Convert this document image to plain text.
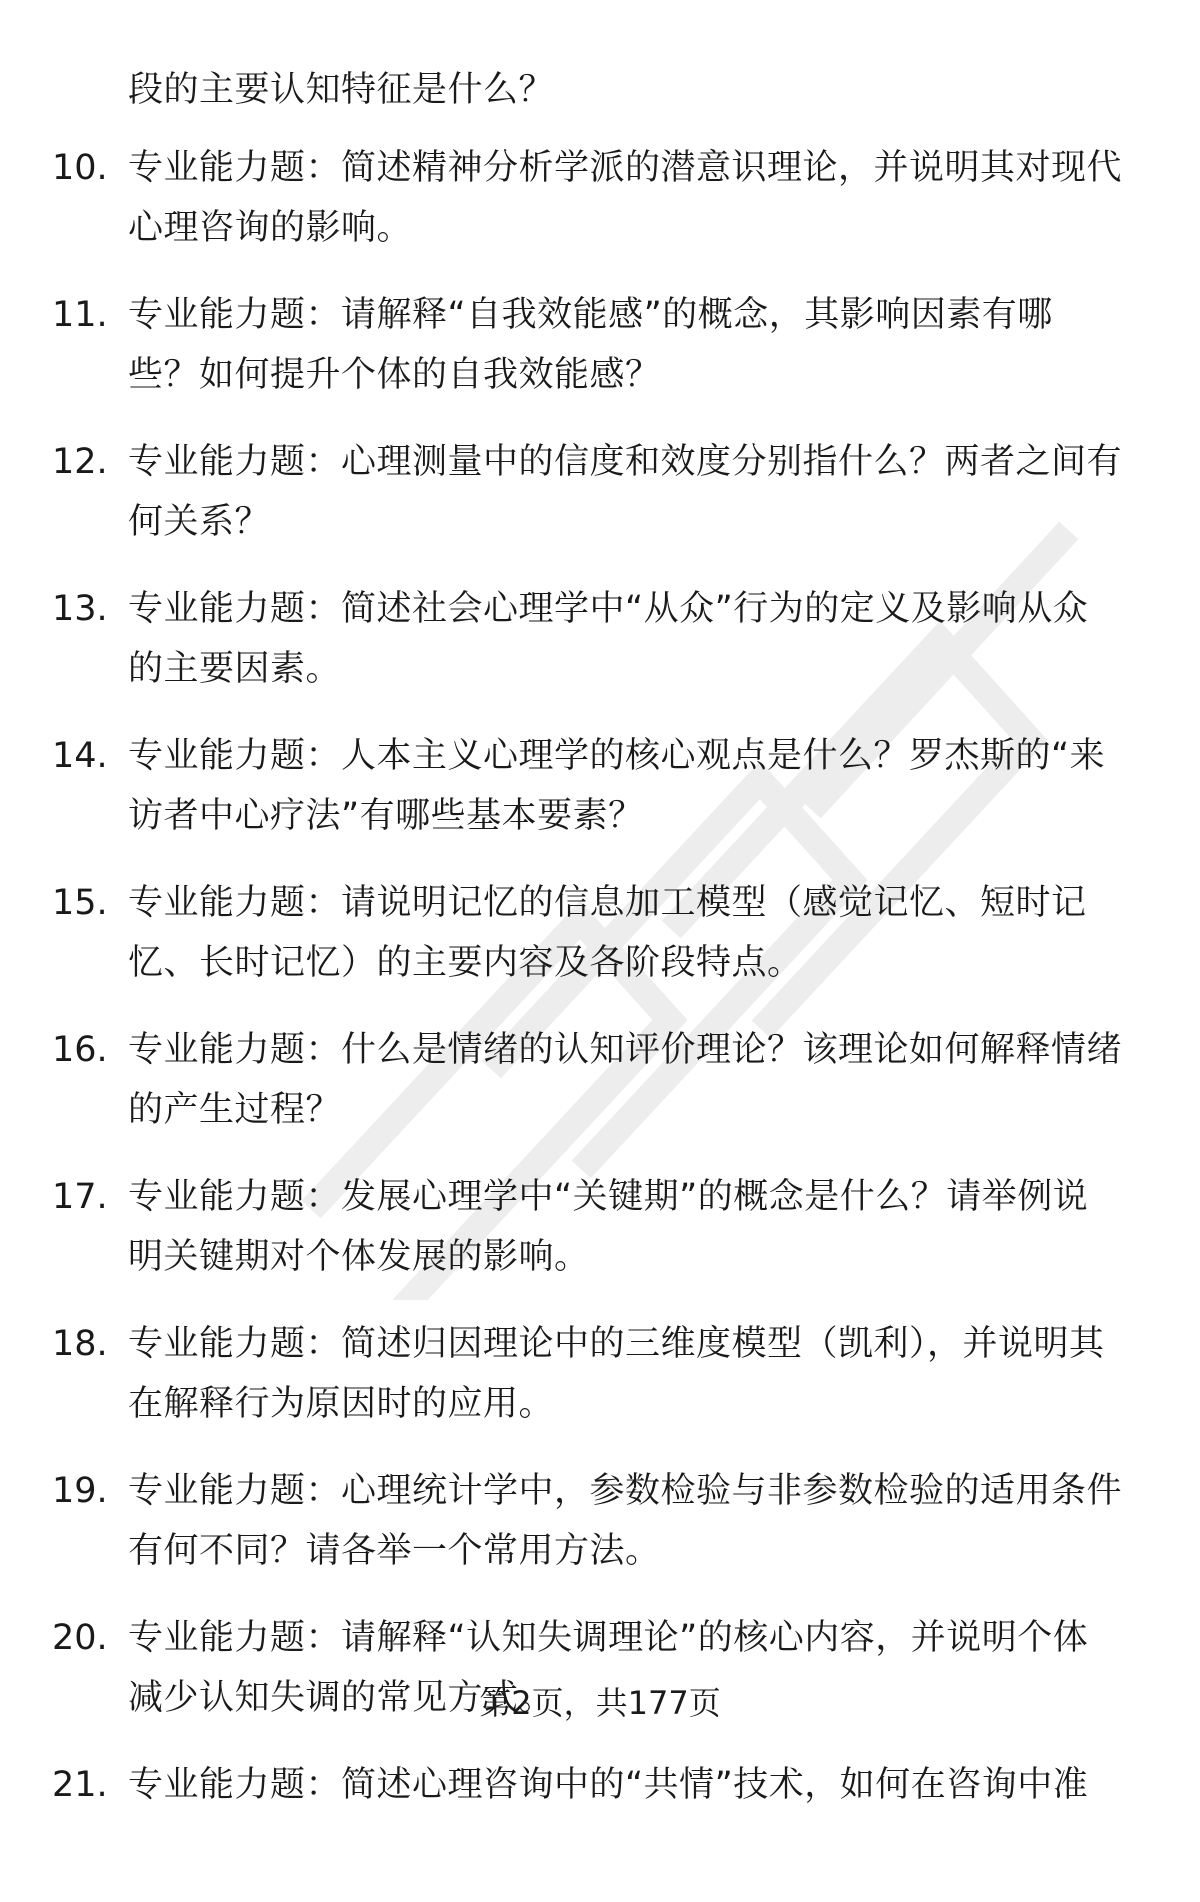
段的主要认知特征是什么？
10. 专业能力题：简述精神分析学派的潜意识理论，并说明其对现代
心理咨询的影响。
11. 专业能力题：请解释“自我效能感”的概念，其影响因素有哪
些？如何提升个体的自我效能感？
12. 专业能力题：心理测量中的信度和效度分别指什么？两者之间有
何关系？
13. 专业能力题：简述社会心理学中“从众”行为的定义及影响从众
的主要因素。
14. 专业能力题：人本主义心理学的核心观点是什么？罗杰斯的“来
访者中心疗法”有哪些基本要素？
15. 专业能力题：请说明记忆的信息加工模型（感觉记忆、短时记
忆、长时记忆）的主要内容及各阶段特点。
16. 专业能力题：什么是情绪的认知评价理论？该理论如何解释情绪
的产生过程？
17. 专业能力题：发展心理学中“关键期”的概念是什么？请举例说
明关键期对个体发展的影响。
18. 专业能力题：简述归因理论中的三维度模型（凯利），并说明其
在解释行为原因时的应用。
19. 专业能力题：心理统计学中，参数检验与非参数检验的适用条件
有何不同？请各举一个常用方法。
20. 专业能力题：请解释“认知失调理论”的核心内容，并说明个体
减少认知失调的常见方式。
21. 专业能力题：简述心理咨询中的“共情”技术，如何在咨询中准
第2页，共177页
